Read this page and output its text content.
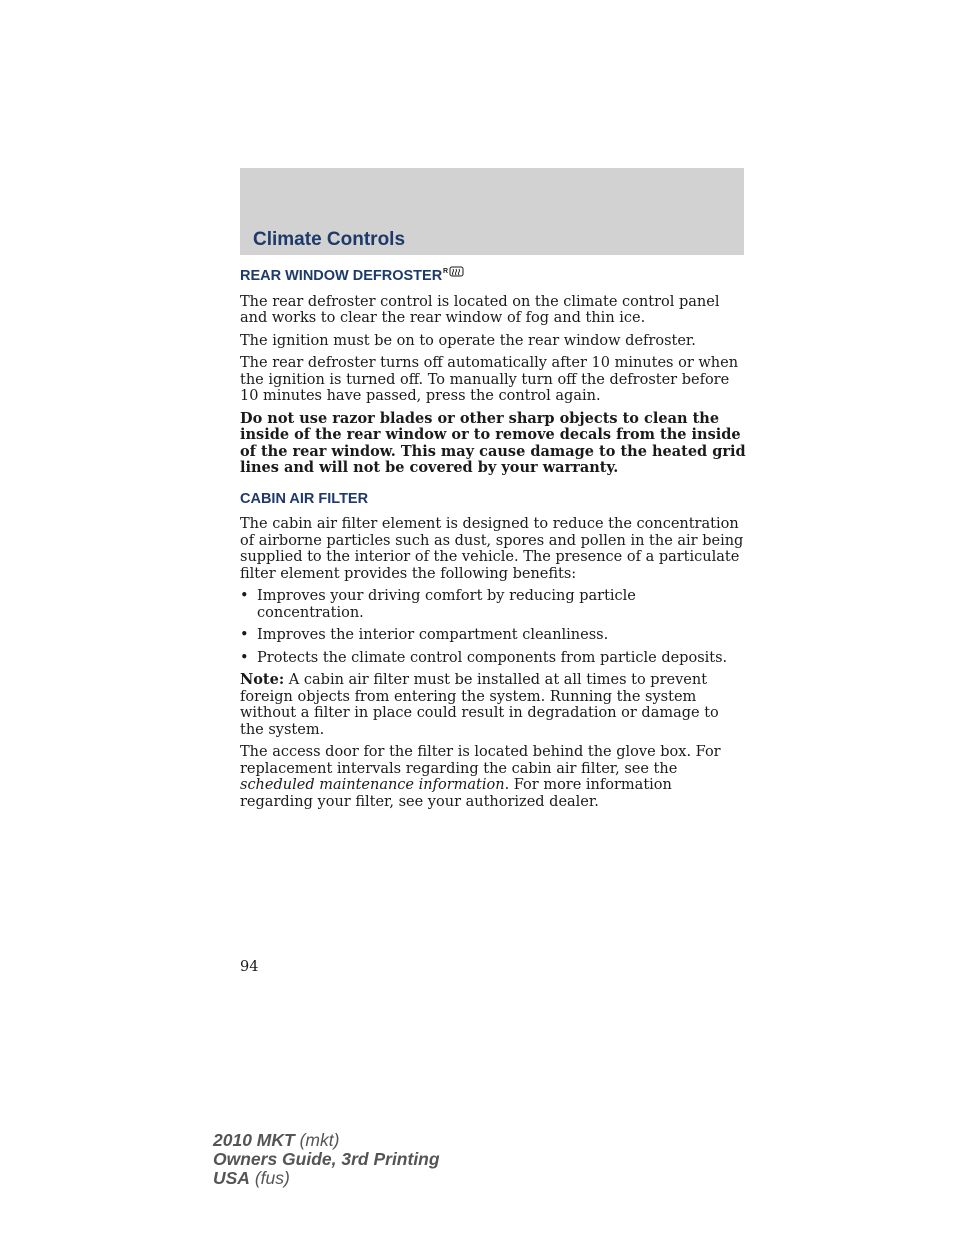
Climate Controls
REAR WINDOW DEFROSTER R

The rear defroster control is located on the climate control panel and works to clear the rear window of fog and thin ice.

The ignition must be on to operate the rear window defroster.

The rear defroster turns off automatically after 10 minutes or when the ignition is turned off. To manually turn off the defroster before 10 minutes have passed, press the control again.

Do not use razor blades or other sharp objects to clean the inside of the rear window or to remove decals from the inside of the rear window. This may cause damage to the heated grid lines and will not be covered by your warranty.

CABIN AIR FILTER

The cabin air filter element is designed to reduce the concentration of airborne particles such as dust, spores and pollen in the air being supplied to the interior of the vehicle. The presence of a particulate filter element provides the following benefits:

• Improves your driving comfort by reducing particle concentration.
• Improves the interior compartment cleanliness.
• Protects the climate control components from particle deposits.

Note: A cabin air filter must be installed at all times to prevent foreign objects from entering the system. Running the system without a filter in place could result in degradation or damage to the system.

The access door for the filter is located behind the glove box. For replacement intervals regarding the cabin air filter, see the scheduled maintenance information. For more information regarding your filter, see your authorized dealer.

94
2010 MKT (mkt)
Owners Guide, 3rd Printing
USA (fus)
